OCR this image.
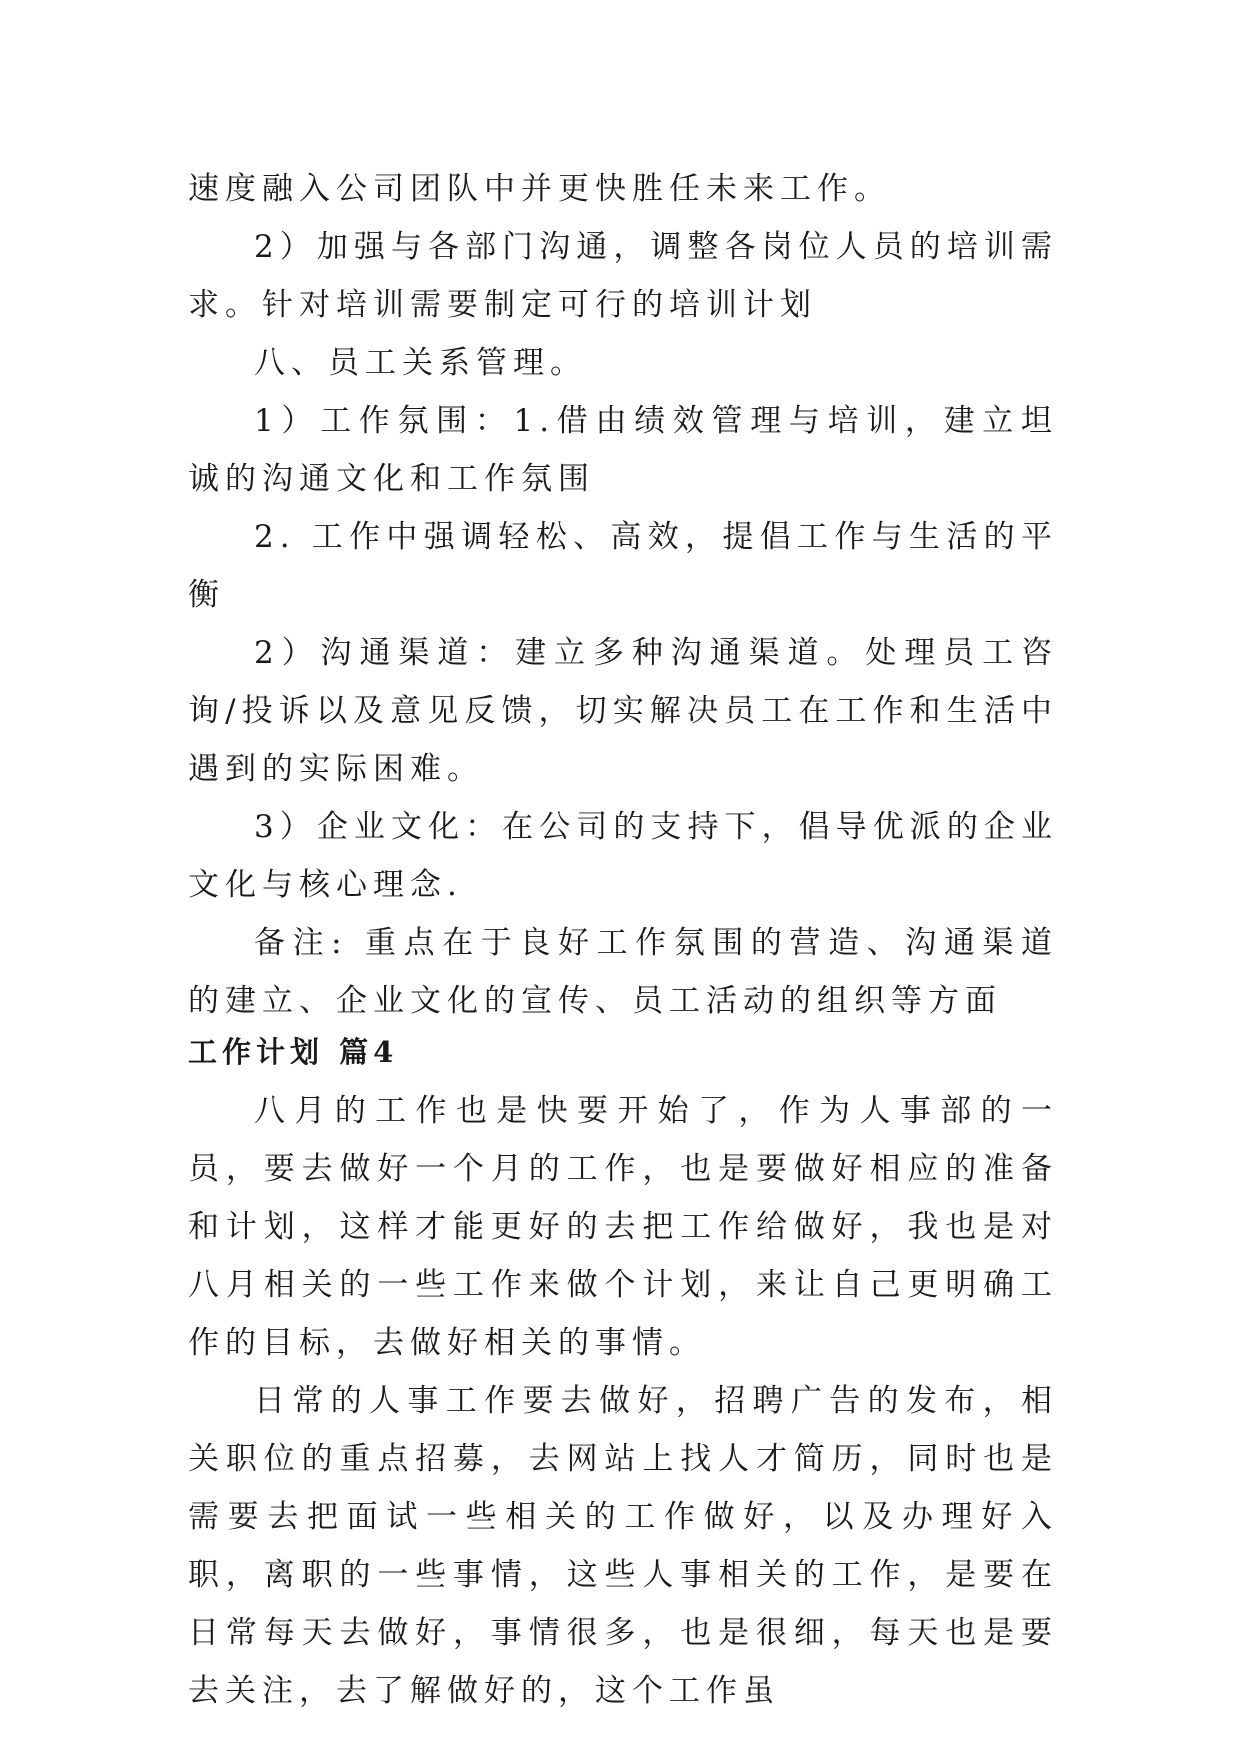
速度融入公司团队中并更快胜任未来工作。

2）加强与各部门沟通，调整各岗位人员的培训需求。针对培训需要制定可行的培训计划

八、员工关系管理。

1）工作氛围：1.借由绩效管理与培训，建立坦诚的沟通文化和工作氛围

2. 工作中强调轻松、高效，提倡工作与生活的平衡

2）沟通渠道：建立多种沟通渠道。处理员工咨询/投诉以及意见反馈，切实解决员工在工作和生活中遇到的实际困难。

3）企业文化：在公司的支持下，倡导优派的企业文化与核心理念.

备注: 重点在于良好工作氛围的营造、沟通渠道的建立、企业文化的宣传、员工活动的组织等方面

工作计划 篇4

八月的工作也是快要开始了，作为人事部的一员，要去做好一个月的工作，也是要做好相应的准备和计划，这样才能更好的去把工作给做好，我也是对八月相关的一些工作来做个计划，来让自己更明确工作的目标，去做好相关的事情。

日常的人事工作要去做好，招聘广告的发布，相关职位的重点招募，去网站上找人才简历，同时也是需要去把面试一些相关的工作做好，以及办理好入职，离职的一些事情，这些人事相关的工作，是要在日常每天去做好，事情很多，也是很细，每天也是要去关注，去了解做好的，这个工作虽
